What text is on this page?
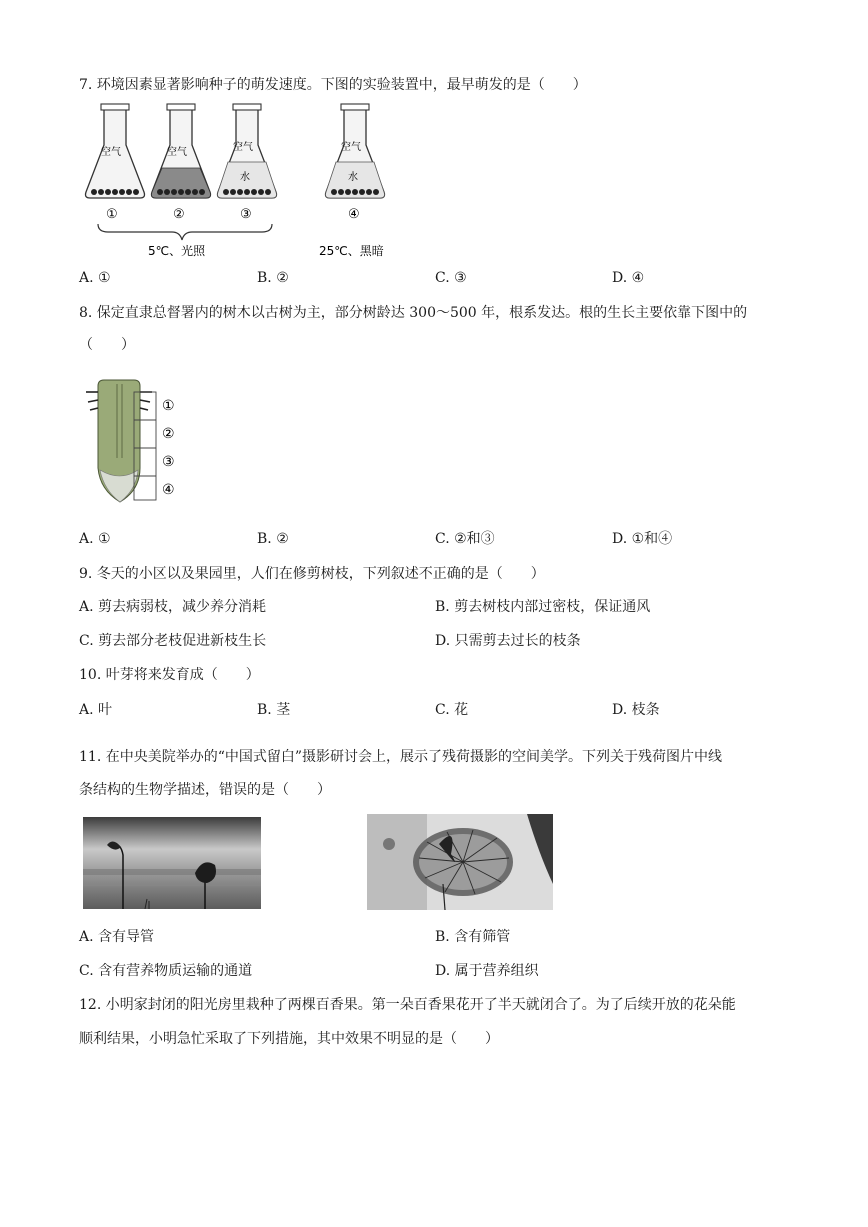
7. 环境因素显著影响种子的萌发速度。下图的实验装置中，最早萌发的是（　　）
空气
①
空气
②
空气
水
③
5℃、光照
空气
水
④
25℃、黑暗
A. ①	B. ②	C. ③	D. ④
8. 保定直隶总督署内的树木以古树为主，部分树龄达 300～500 年，根系发达。根的生长主要依靠下图中的
（　　）
①
②
③
④
A. ①	B. ②	C. ②和③	D. ①和④
9. 冬天的小区以及果园里，人们在修剪树枝，下列叙述不正确的是（　　）
A. 剪去病弱枝，减少养分消耗	B. 剪去树枝内部过密枝，保证通风
C. 剪去部分老枝促进新枝生长	D. 只需剪去过长的枝条
10. 叶芽将来发育成（　　）
A. 叶	B. 茎	C. 花	D. 枝条
11. 在中央美院举办的“中国式留白”摄影研讨会上，展示了残荷摄影的空间美学。下列关于残荷图片中线
条结构的生物学描述，错误的是（　　）
A. 含有导管	B. 含有筛管
C. 含有营养物质运输的通道	D. 属于营养组织
12. 小明家封闭的阳光房里栽种了两棵百香果。第一朵百香果花开了半天就闭合了。为了后续开放的花朵能
顺利结果，小明急忙采取了下列措施，其中效果不明显的是（　　）
